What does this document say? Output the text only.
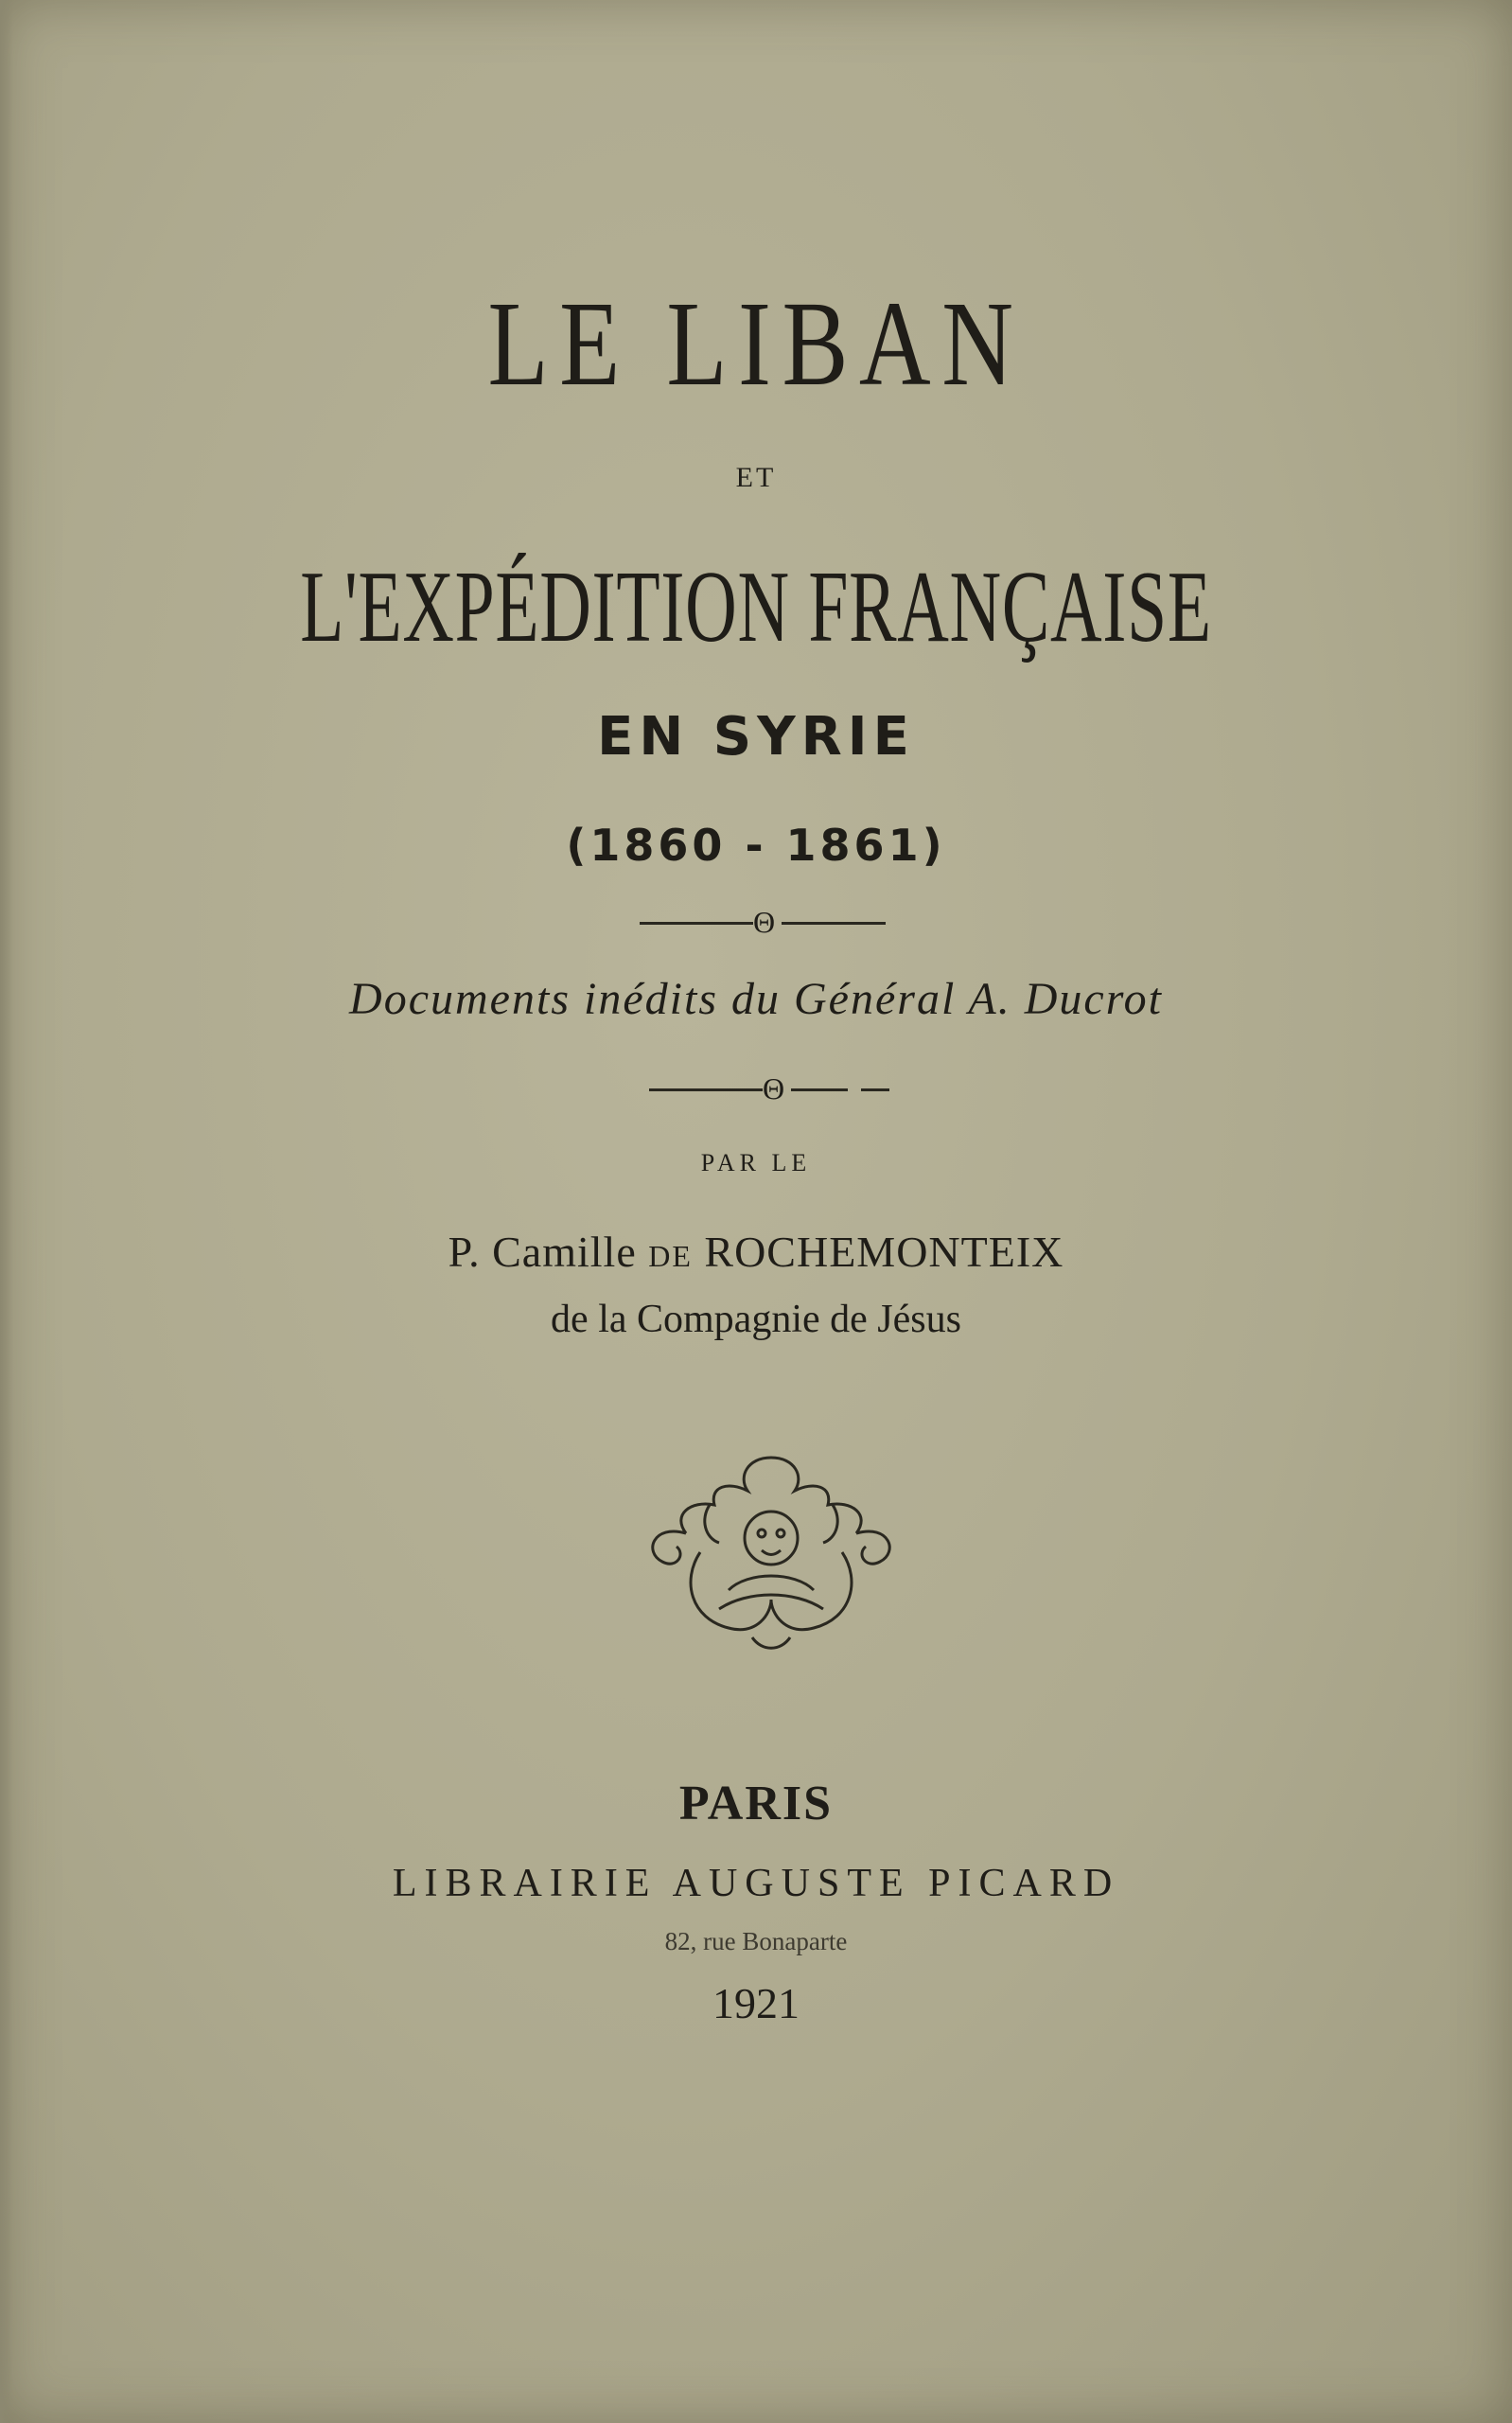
LE LIBAN
ET
L'EXPÉDITION FRANÇAISE
EN SYRIE
(1860 - 1861)
Θ
Documents inédits du Général A. Ducrot
Θ
PAR LE
P. Camille DE ROCHEMONTEIX
de la Compagnie de Jésus
PARIS
LIBRAIRIE AUGUSTE PICARD
82, rue Bonaparte
1921
